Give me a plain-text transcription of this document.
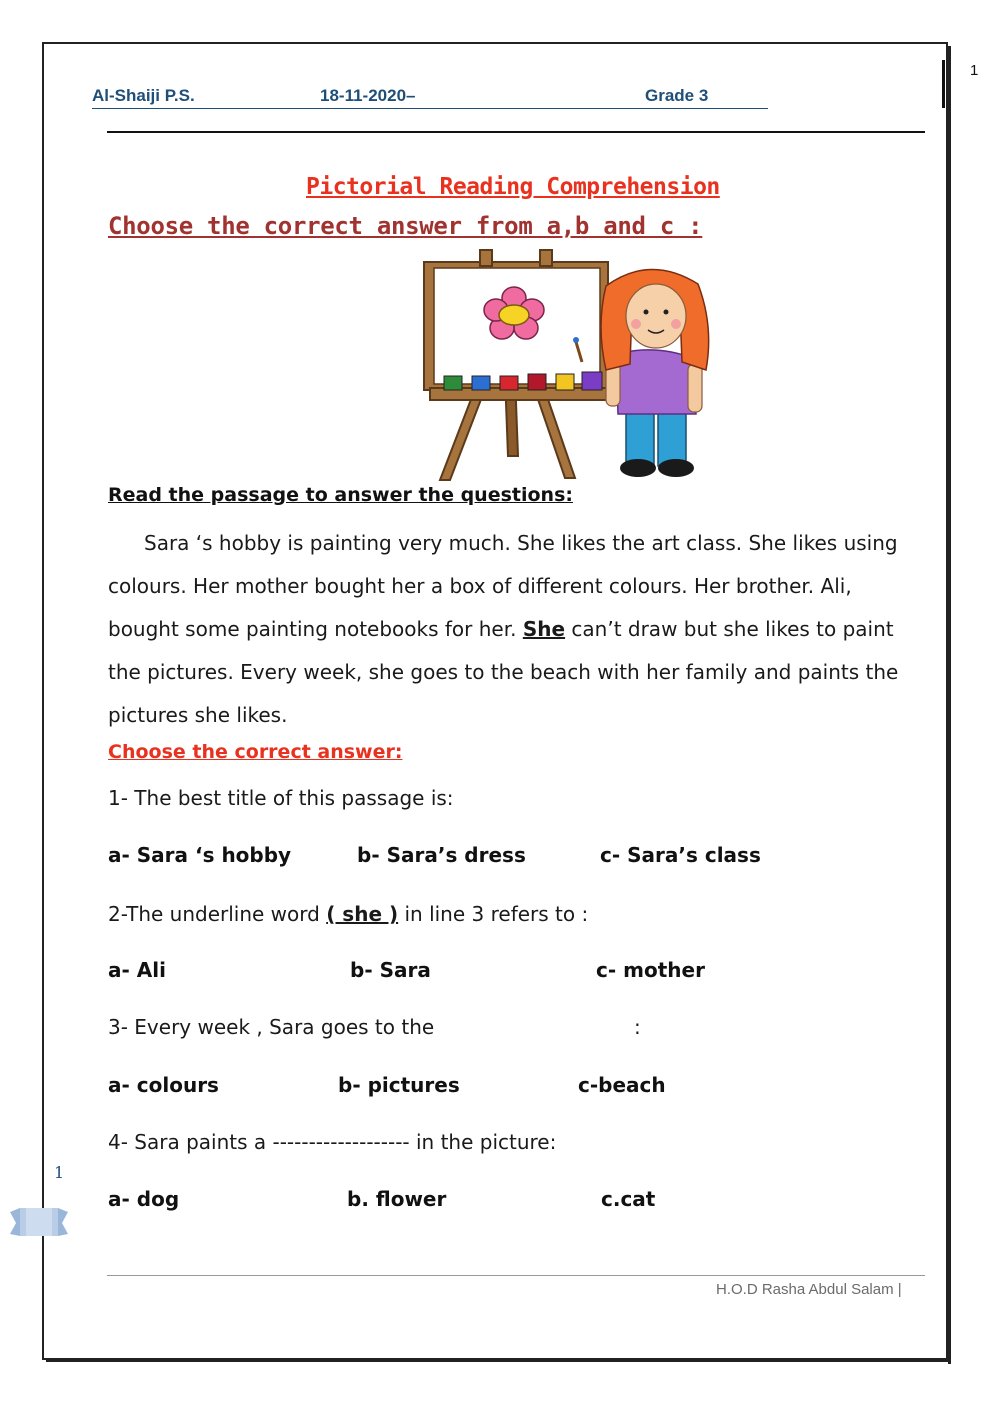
1
Al-Shaiji P.S.	18-11-2020–	Grade 3
Pictorial Reading Comprehension
Choose the correct answer from a,b and c :
Read the passage to answer the questions:
Sara ‘s hobby is painting very much. She likes the art class. She likes using colours. Her mother bought her a box of different colours. Her brother. Ali, bought some painting notebooks for her. She can’t draw but she likes to paint the pictures. Every week, she goes to the beach with her family and paints the pictures she likes.
Choose the correct answer:
1- The best title of this passage is:
a- Sara ‘s hobby	b- Sara’s dress	c- Sara’s class
2-The underline word ( she ) in line 3 refers to :
a- Ali	b- Sara	c- mother
3- Every week , Sara goes to the	:
a- colours	b- pictures	c-beach
4- Sara paints a ------------------- in the picture:
a- dog	b. flower	c.cat
1
H.O.D Rasha Abdul Salam |
